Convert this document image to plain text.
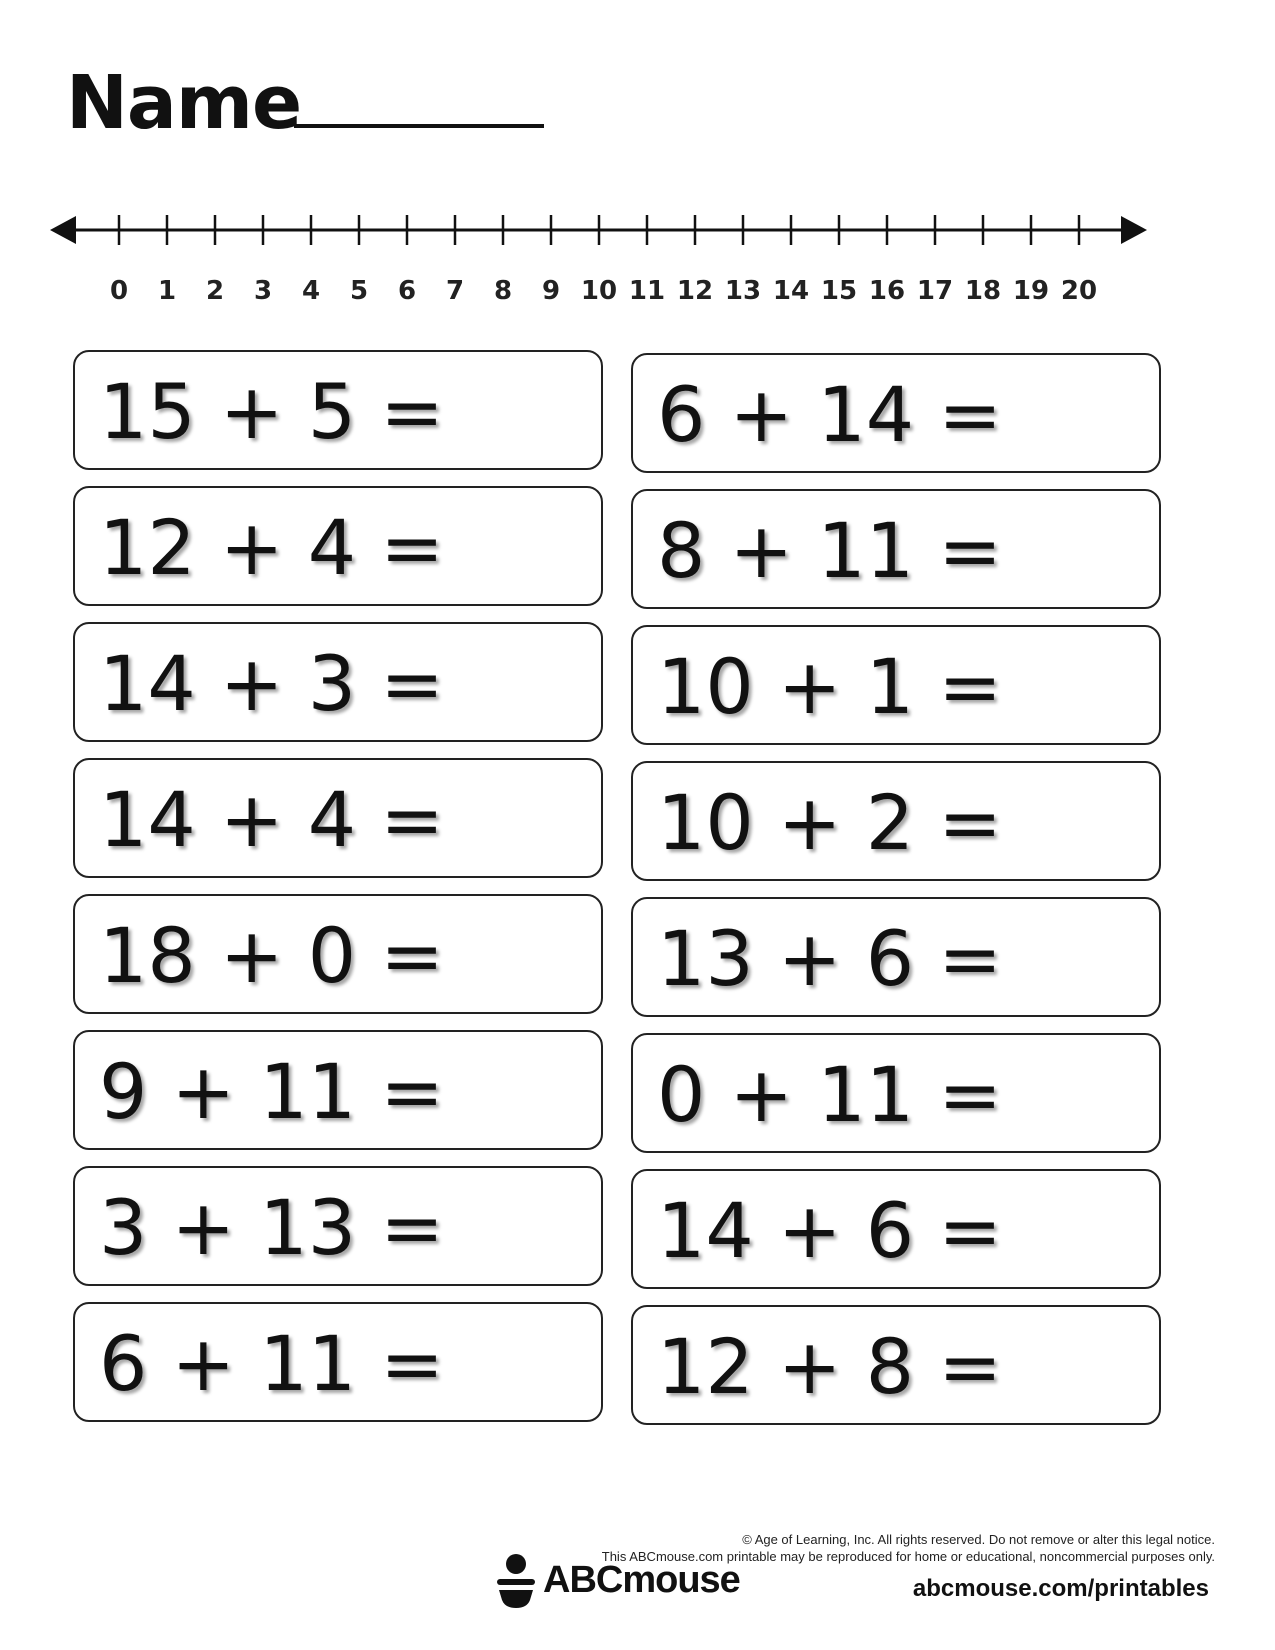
Name
0	1	2	3	4	5	6	7	8	9 10 11 12 13 14 15 16 17 18 19 20
15 + 5 =
12 + 4 =
14 + 3 =
14 + 4 =
18 + 0 =
9 + 11 =
3 + 13 =
6 + 11 =
6 + 14 =
8 + 11 =
10 + 1 =
10 + 2 =
13 + 6 =
0 + 11 =
14 + 6 =
12 + 8 =
© Age of Learning, Inc. All rights reserved. Do not remove or alter this legal notice.
This ABCmouse.com printable may be reproduced for home or educational, noncommercial purposes only.
ABCmouse	abcmouse.com/printables
